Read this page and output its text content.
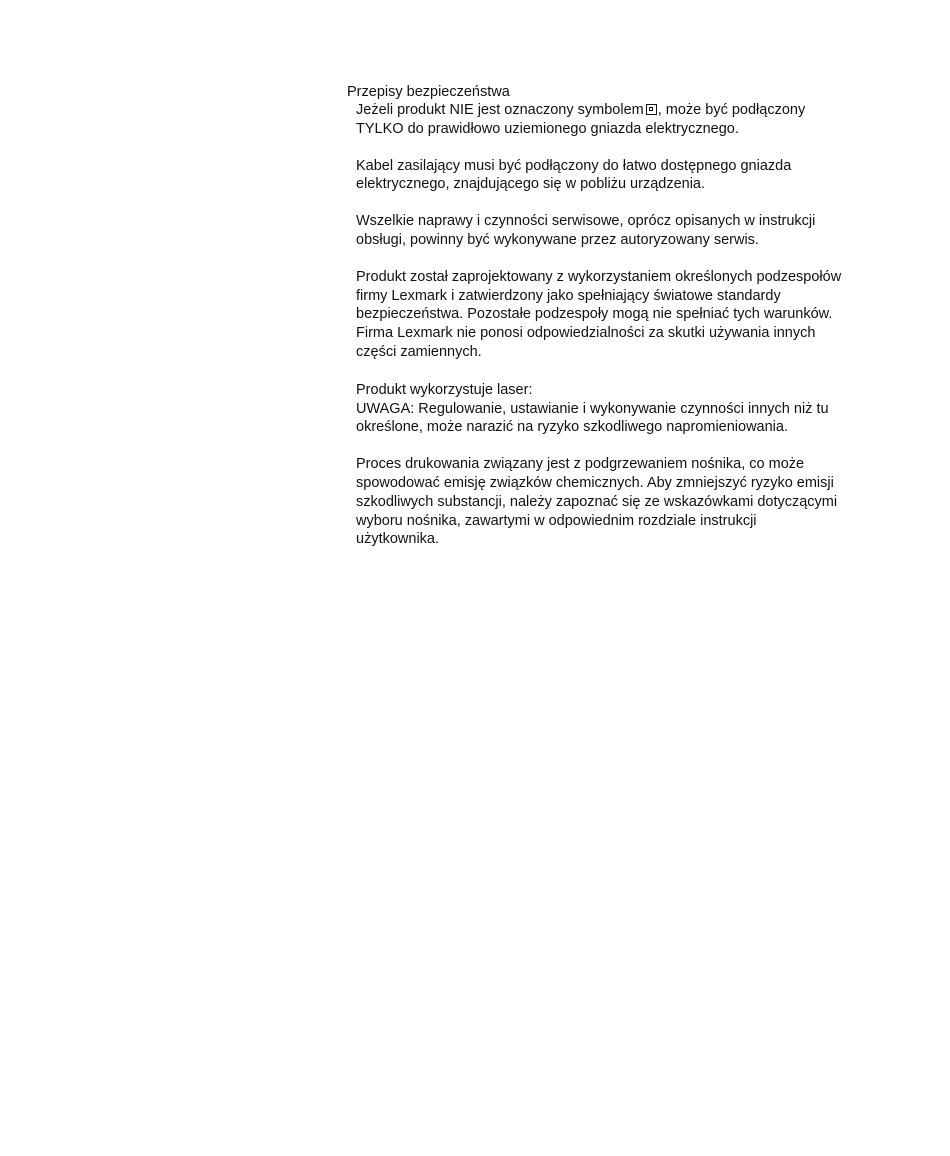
Przepisy bezpieczeństwa

Jeżeli produkt NIE jest oznaczony symbolem , może być podłączony

TYLKO do prawidłowo uziemionego gniazda elektrycznego.

Kabel zasilający musi być podłączony do łatwo dostępnego gniazda

elektrycznego, znajdującego się w pobliżu urządzenia.

Wszelkie naprawy i czynności serwisowe, oprócz opisanych w instrukcji

obsługi, powinny być wykonywane przez autoryzowany serwis.

Produkt został zaprojektowany z wykorzystaniem określonych podzespołów

firmy Lexmark i zatwierdzony jako spełniający światowe standardy

bezpieczeństwa. Pozostałe podzespoły mogą nie spełniać tych warunków.

Firma Lexmark nie ponosi odpowiedzialności za skutki używania innych

części zamiennych.

Produkt wykorzystuje laser:

UWAGA: Regulowanie, ustawianie i wykonywanie czynności innych niż tu

określone, może narazić na ryzyko szkodliwego napromieniowania.

Proces drukowania związany jest z podgrzewaniem nośnika, co może

spowodować emisję związków chemicznych. Aby zmniejszyć ryzyko emisji

szkodliwych substancji, należy zapoznać się ze wskazówkami dotyczącymi

wyboru nośnika, zawartymi w odpowiednim rozdziale instrukcji

użytkownika.
